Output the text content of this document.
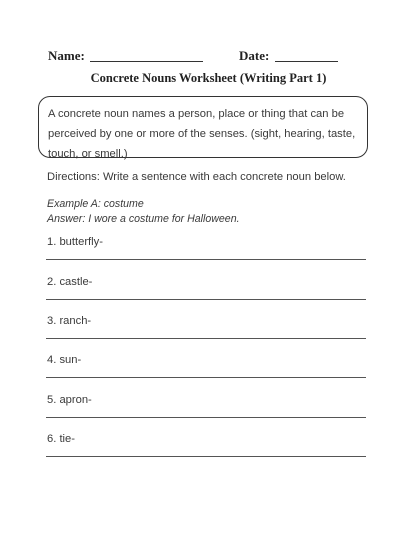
Name:	Date:
Concrete Nouns Worksheet (Writing Part 1)
A concrete noun names a person, place or thing that can be perceived by one or more of the senses. (sight, hearing, taste, touch, or smell.)
Directions: Write a sentence with each concrete noun below.
Example A: costume
Answer: I wore a costume for Halloween.
1. butterfly-
2. castle-
3. ranch-
4. sun-
5. apron-
6. tie-
